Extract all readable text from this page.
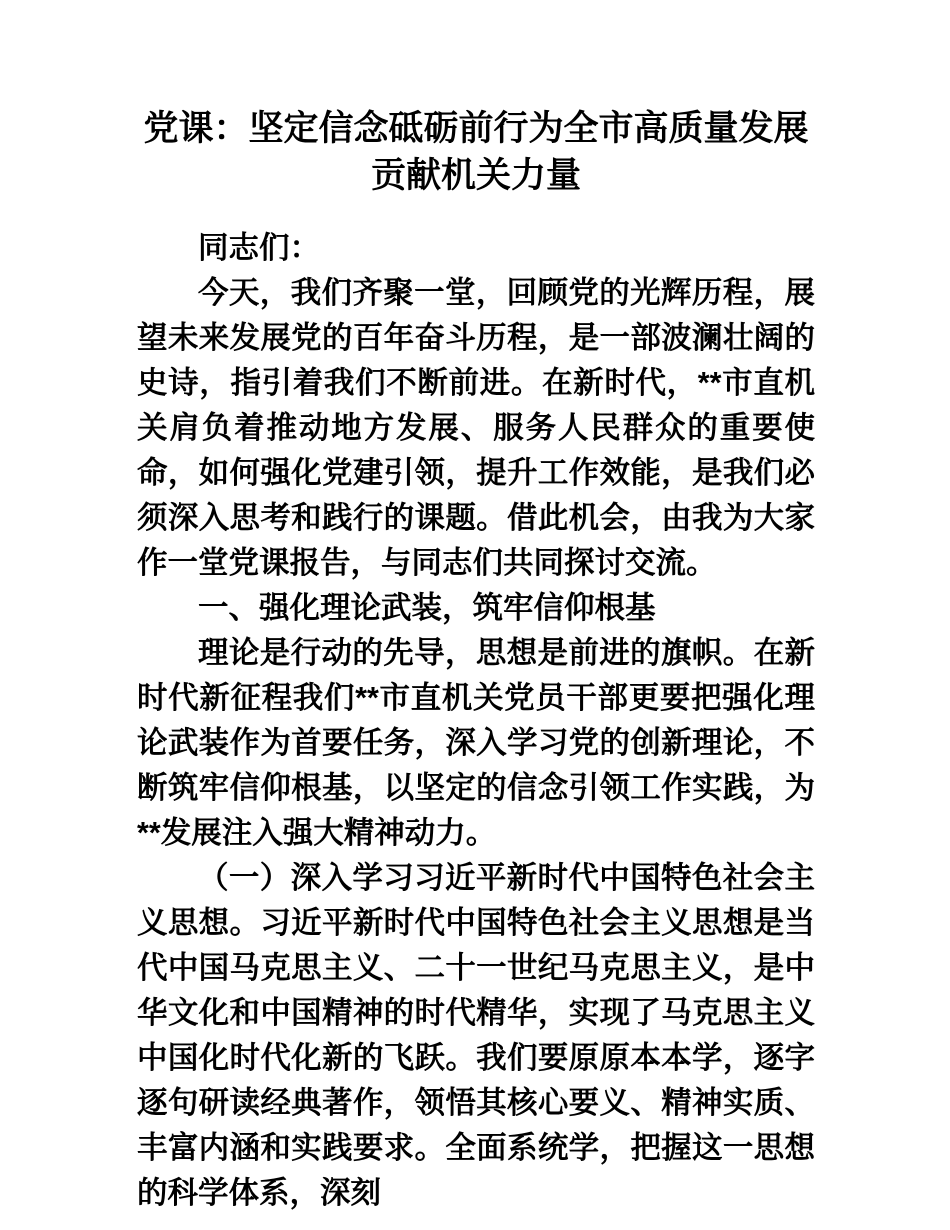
党课：坚定信念砥砺前行为全市高质量发展贡献机关力量

同志们：

今天，我们齐聚一堂，回顾党的光辉历程，展望未来发展党的百年奋斗历程，是一部波澜壮阔的史诗，指引着我们不断前进。在新时代，**市直机关肩负着推动地方发展、服务人民群众的重要使命，如何强化党建引领，提升工作效能，是我们必须深入思考和践行的课题。借此机会，由我为大家作一堂党课报告，与同志们共同探讨交流。

一、强化理论武装，筑牢信仰根基

理论是行动的先导，思想是前进的旗帜。在新时代新征程我们**市直机关党员干部更要把强化理论武装作为首要任务，深入学习党的创新理论，不断筑牢信仰根基，以坚定的信念引领工作实践，为**发展注入强大精神动力。

（一）深入学习习近平新时代中国特色社会主义思想。习近平新时代中国特色社会主义思想是当代中国马克思主义、二十一世纪马克思主义，是中华文化和中国精神的时代精华，实现了马克思主义中国化时代化新的飞跃。我们要原原本本学，逐字逐句研读经典著作，领悟其核心要义、精神实质、丰富内涵和实践要求。全面系统学，把握这一思想的科学体系，深刻
